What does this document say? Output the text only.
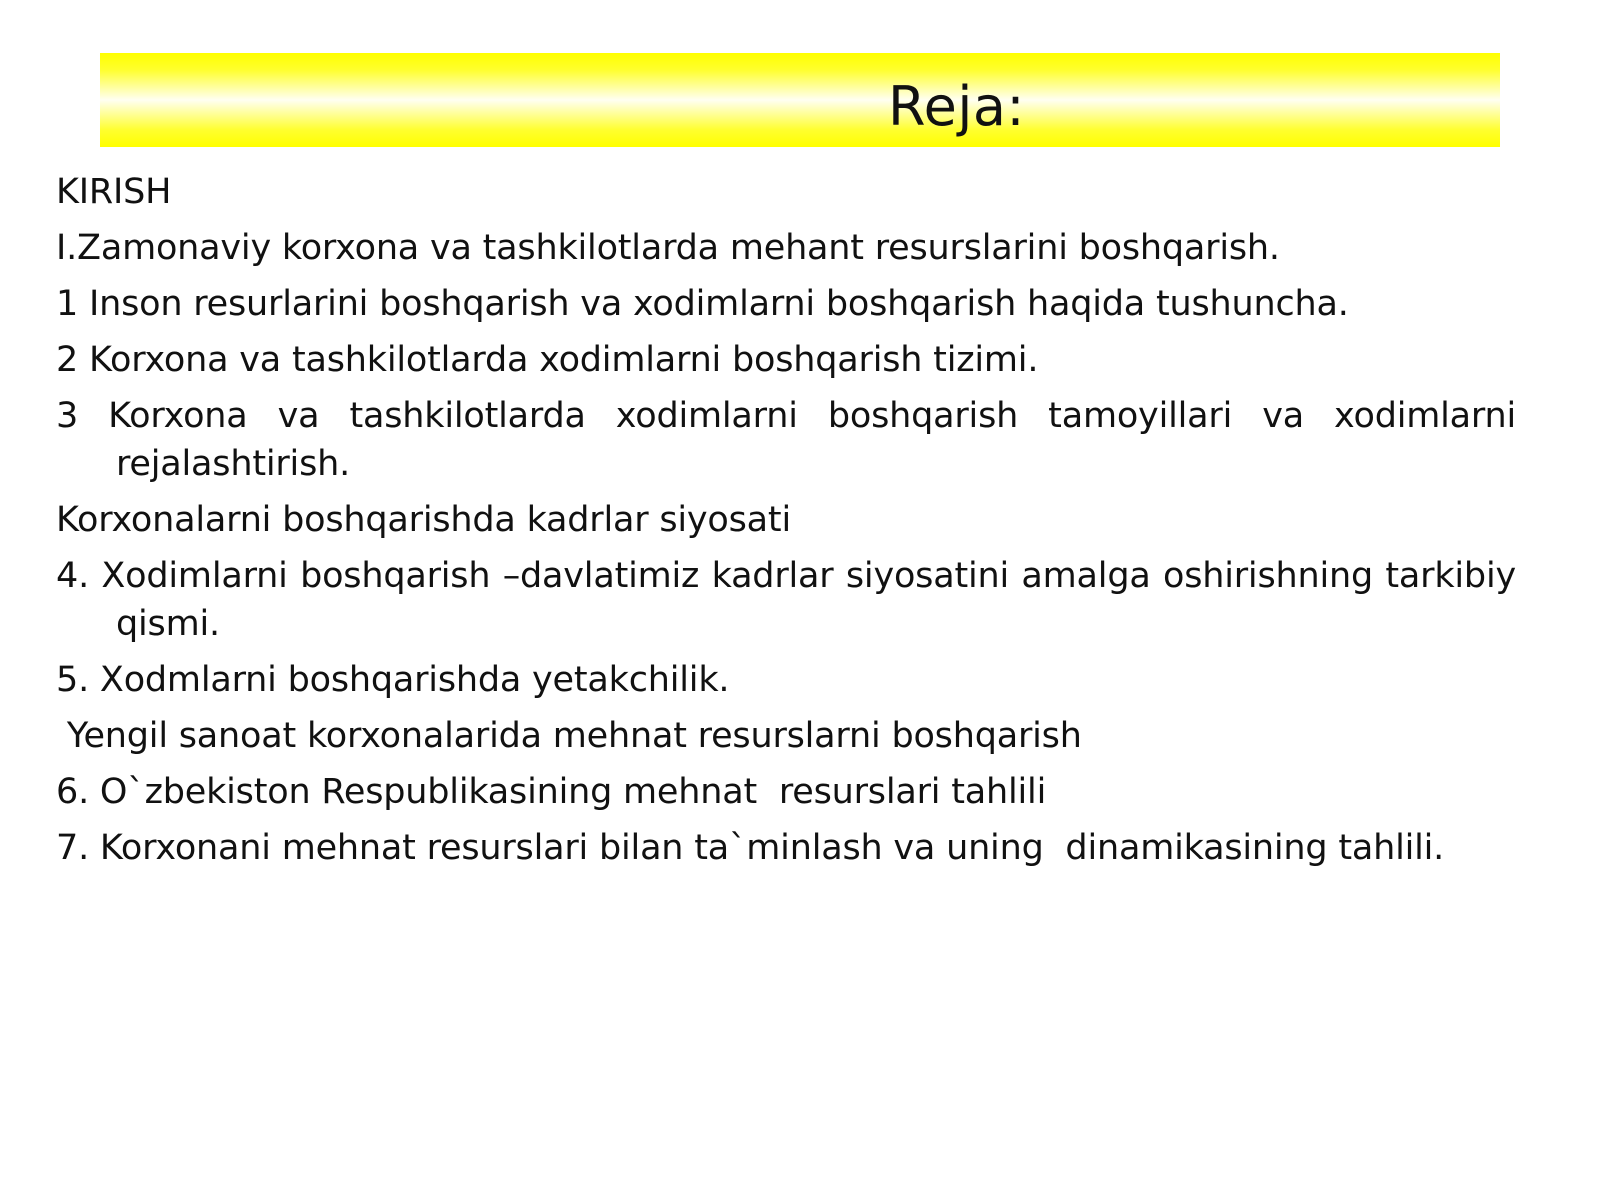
Reja:
KIRISH
I.Zamonaviy korxona va tashkilotlarda mehant resurslarini boshqarish.
1 Inson resurlarini boshqarish va xodimlarni boshqarish haqida tushuncha.
2 Korxona va tashkilotlarda xodimlarni boshqarish tizimi.
3 Korxona va tashkilotlarda xodimlarni boshqarish tamoyillari va xodimlarni rejalashtirish.
Korxonalarni boshqarishda kadrlar siyosati
4. Xodimlarni boshqarish –davlatimiz kadrlar siyosatini amalga oshirishning tarkibiy qismi.
5. Xodmlarni boshqarishda yetakchilik.
Yengil sanoat korxonalarida mehnat resurslarni boshqarish
6. O`zbekiston Respublikasining mehnat  resurslari tahlili
7. Korxonani mehnat resurslari bilan ta`minlash va uning  dinamikasining tahlili.
